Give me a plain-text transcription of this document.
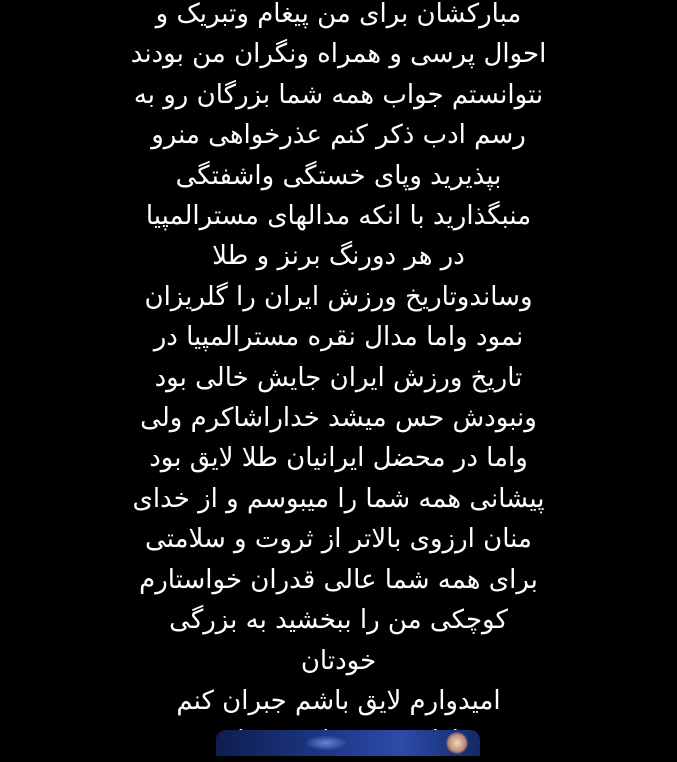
مبارکشان برای من پیغام وتبریک و
احوال پرسی و همراه ونگران من بودند
نتوانستم جواب همه شما بزرگان رو به
رسم ادب ذکر کنم عذرخواهی منرو
بپذیرید وپای خستگی واشفتگی
منبگذارید با انکه مدالهای مسترالمپیا
در هر دورنگ برنز و طلا
وساندوتاریخ ورزش ایران را گلریزان
نمود واما مدال نقره مسترالمپیا در
تاریخ ورزش ایران جایش خالی بود
ونبودش حس میشد خداراشاکرم ولی
واما در محضل ایرانیان طلا لایق بود
پیشانی همه شما را میبوسم و از خدای
منان ارزوی بالاتر از ثروت و سلامتی
برای همه شما عالی قدران خواستارم
کوچکی من را ببخشید به بزرگی
خودتان
امیدوارم لایق باشم جبران کنم
